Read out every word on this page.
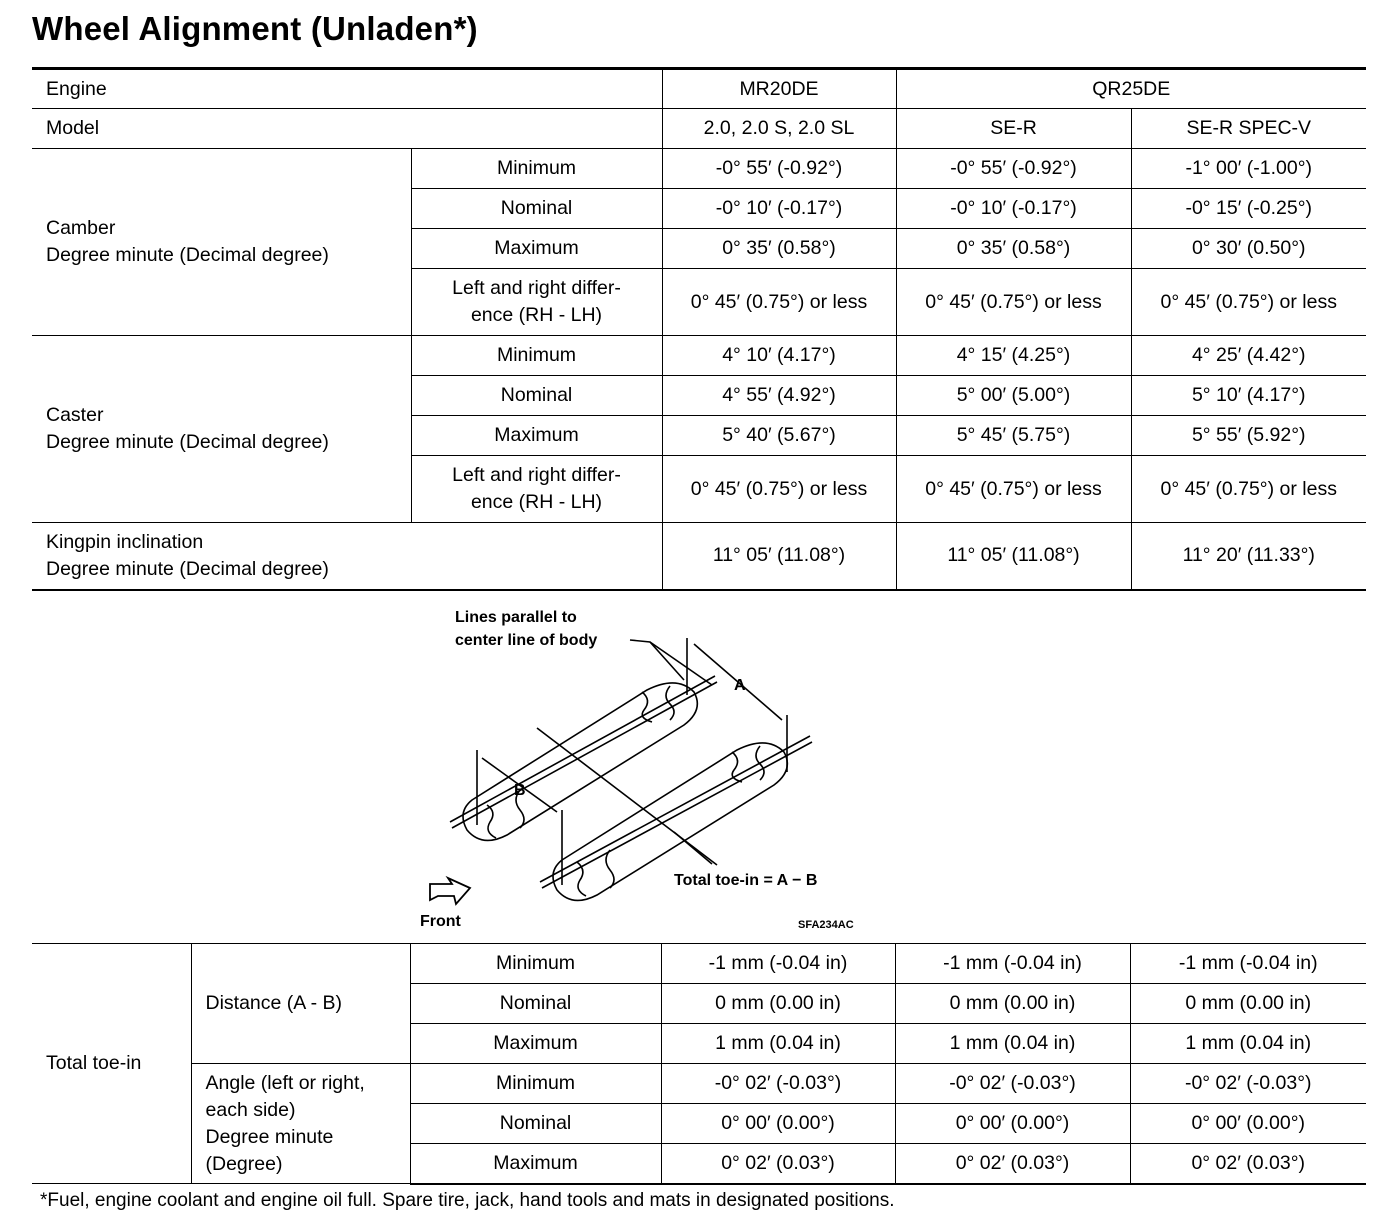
Wheel Alignment (Unladen*)
Engine		MR20DE	QR25DE	
Model		2.0, 2.0 S, 2.0 SL	SE-R	SE-R SPEC-V

Camber
Degree minute (Decimal degree)	Minimum	-0° 55′ (-0.92°)	-0° 55′ (-0.92°)	-1° 00′ (-1.00°)
	Nominal	-0° 10′ (-0.17°)	-0° 10′ (-0.17°)	-0° 15′ (-0.25°)
	Maximum	0° 35′ (0.58°)	0° 35′ (0.58°)	0° 30′ (0.50°)

	Left and right differ-
ence (RH - LH)	0° 45′ (0.75°) or less	0° 45′ (0.75°) or less	0° 45′ (0.75°) or less

Caster
Degree minute (Decimal degree)	Minimum	4° 10′ (4.17°)	4° 15′ (4.25°)	4° 25′ (4.42°)
	Nominal	4° 55′ (4.92°)	5° 00′ (5.00°)	5° 10′ (4.17°)
	Maximum	5° 40′ (5.67°)	5° 45′ (5.75°)	5° 55′ (5.92°)

	Left and right differ-
ence (RH - LH)	0° 45′ (0.75°) or less	0° 45′ (0.75°) or less	0° 45′ (0.75°) or less

Kingpin inclination
Degree minute (Decimal degree)		11° 05′ (11.08°)	11° 05′ (11.08°)	11° 20′ (11.33°)
Lines parallel to
center line of body
A
B
Total toe-in = A − B
Front	SFA234AC
Total toe-in	Distance (A - B)	Minimum	-1 mm (-0.04 in)	-1 mm (-0.04 in)	-1 mm (-0.04 in)
		Nominal	0 mm (0.00 in)	0 mm (0.00 in)	0 mm (0.00 in)
		Maximum	1 mm (0.04 in)	1 mm (0.04 in)	1 mm (0.04 in)

	Angle (left or right,
each side)
Degree minute
(Degree)	Minimum	-0° 02′ (-0.03°)	-0° 02′ (-0.03°)	-0° 02′ (-0.03°)
		Nominal	0° 00′ (0.00°)	0° 00′ (0.00°)	0° 00′ (0.00°)
		Maximum	0° 02′ (0.03°)	0° 02′ (0.03°)	0° 02′ (0.03°)
*Fuel, engine coolant and engine oil full. Spare tire, jack, hand tools and mats in designated positions.
